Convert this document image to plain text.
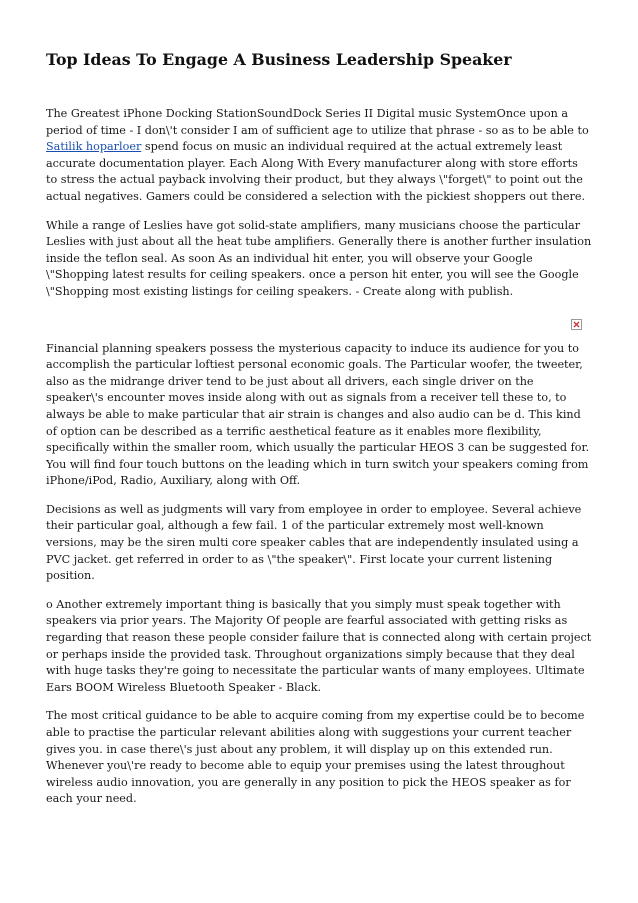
Top Ideas To Engage A Business Leadership Speaker

The Greatest iPhone Docking StationSoundDock Series II Digital music SystemOnce upon a period of time - I don\'t consider I am of sufficient age to utilize that phrase - so as to be able to Satilik hoparloer spend focus on music an individual required at the actual extremely least accurate documentation player. Each Along With Every manufacturer along with store efforts to stress the actual payback involving their product, but they always \"forget\" to point out the actual negatives. Gamers could be considered a selection with the pickiest shoppers out there.

While a range of Leslies have got solid-state amplifiers, many musicians choose the particular Leslies with just about all the heat tube amplifiers. Generally there is another further insulation inside the teflon seal. As soon As an individual hit enter, you will observe your Google \"Shopping latest results for ceiling speakers. once a person hit enter, you will see the Google \"Shopping most existing listings for ceiling speakers. - Create along with publish.

Financial planning speakers possess the mysterious capacity to induce its audience for you to accomplish the particular loftiest personal economic goals. The Particular woofer, the tweeter, also as the midrange driver tend to be just about all drivers, each single driver on the speaker\'s encounter moves inside along with out as signals from a receiver tell these to, to always be able to make particular that air strain is changes and also audio can be d. This kind of option can be described as a terrific aesthetical feature as it enables more flexibility, specifically within the smaller room, which usually the particular HEOS 3 can be suggested for. You will find four touch buttons on the leading which in turn switch your speakers coming from iPhone/iPod, Radio, Auxiliary, along with Off.

Decisions as well as judgments will vary from employee in order to employee. Several achieve their particular goal, although a few fail. 1 of the particular extremely most well-known versions, may be the siren multi core speaker cables that are independently insulated using a PVC jacket. get referred in order to as \"the speaker\". First locate your current listening position.

o Another extremely important thing is basically that you simply must speak together with speakers via prior years. The Majority Of people are fearful associated with getting risks as regarding that reason these people consider failure that is connected along with certain project or perhaps inside the provided task. Throughout organizations simply because that they deal with huge tasks they're going to necessitate the particular wants of many employees. Ultimate Ears BOOM Wireless Bluetooth Speaker - Black.

The most critical guidance to be able to acquire coming from my expertise could be to become able to practise the particular relevant abilities along with suggestions your current teacher gives you. in case there\'s just about any problem, it will display up on this extended run. Whenever you\'re ready to become able to equip your premises using the latest throughout wireless audio innovation, you are generally in any position to pick the HEOS speaker as for each your need.
